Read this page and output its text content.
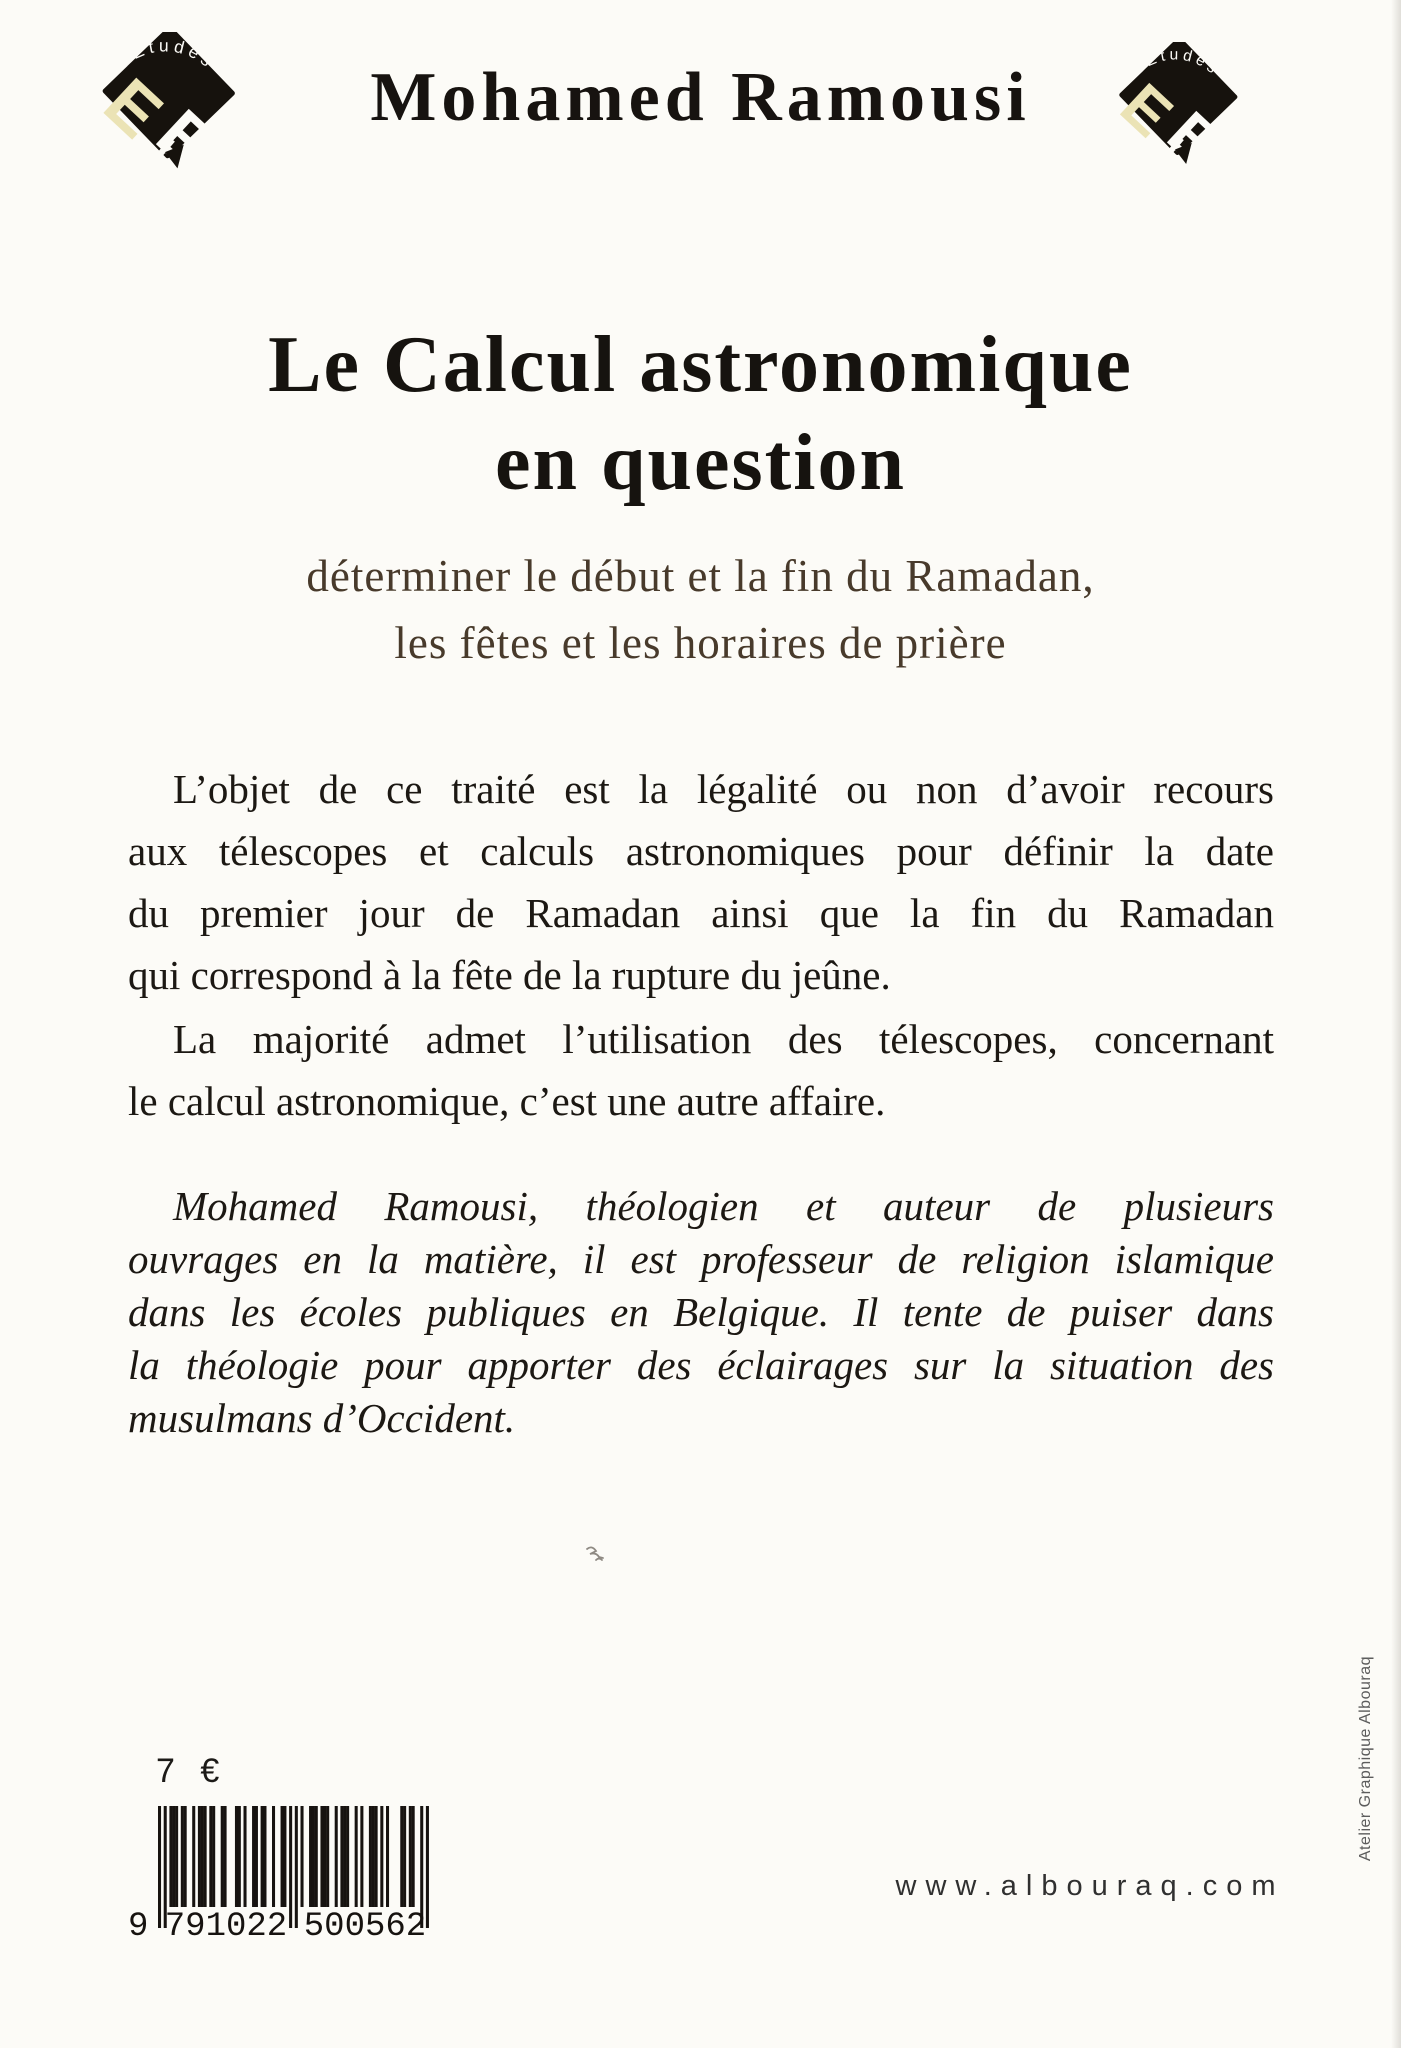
Mohamed Ramousi
Le Calcul astronomique
en question
déterminer le début et la fin du Ramadan,
les fêtes et les horaires de prière
L’objet de ce traité est la légalité ou non d’avoir recours
aux télescopes et calculs astronomiques pour définir la date
du premier jour de Ramadan ainsi que la fin du Ramadan
qui correspond à la fête de la rupture du jeûne.
La majorité admet l’utilisation des télescopes, concernant
le calcul astronomique, c’est une autre affaire.
Mohamed Ramousi, théologien et auteur de plusieurs
ouvrages en la matière, il est professeur de religion islamique
dans les écoles publiques en Belgique. Il tente de puiser dans
la théologie pour apporter des éclairages sur la situation des
musulmans d’Occident.
7 €
9 791022 500562
www.albouraq.com
Atelier Graphique Albouraq
